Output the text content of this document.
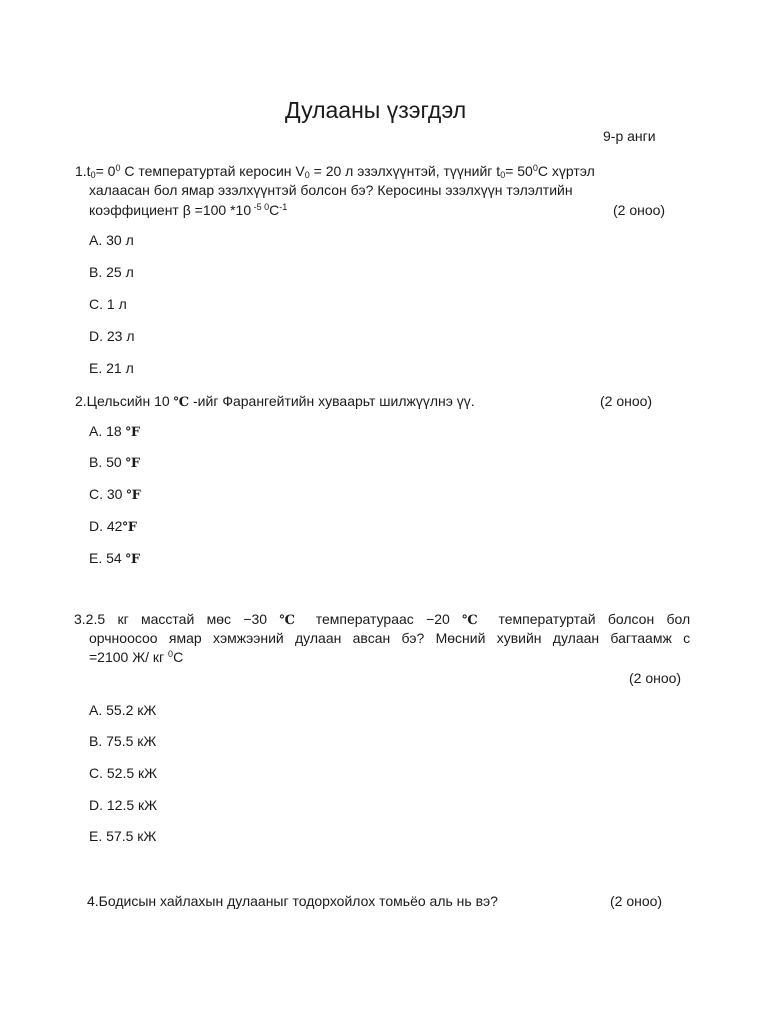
Дулааны үзэгдэл
9-р анги
$1.t_0= 0^0$ С температуртай керосин $V_0 = 20$ л эзэлхүүнтэй, түүнийг $t_0= 50^0С$ хүртэл
халаасан бол ямар эзэлхүүнтэй болсон бэ? Керосины эзэлхүүн тэлэлтийн
коэффициент β =100 *10 $^{-5 0}С^{-1}$	(2 оноо)
A. 30 л
B. 25 л
C. 1 л
D. 23 л
E. 21 л
2.Цельсийн 10 ℃ -ийг Фарангейтийн хуваарьт шилжүүлнэ үү.	(2 оноо)
A. 18 ℉
B. 50 ℉
C. 30 ℉
D. 42℉
E. 54 ℉
3.2.5 кг масстай мөс −30 ℃ температураас −20 ℃ температуртай болсон бол
орчноосоо ямар хэмжээний дулаан авсан бэ? Мөсний хувийн дулаан багтаамж c
=2100 Ж/ кг $^0$С
(2 оноо)
A. 55.2 кЖ
B. 75.5 кЖ
C. 52.5 кЖ
D. 12.5 кЖ
E. 57.5 кЖ
4.Бодисын хайлахын дулааныг тодорхойлох томьёо аль нь вэ?	(2 оноо)
